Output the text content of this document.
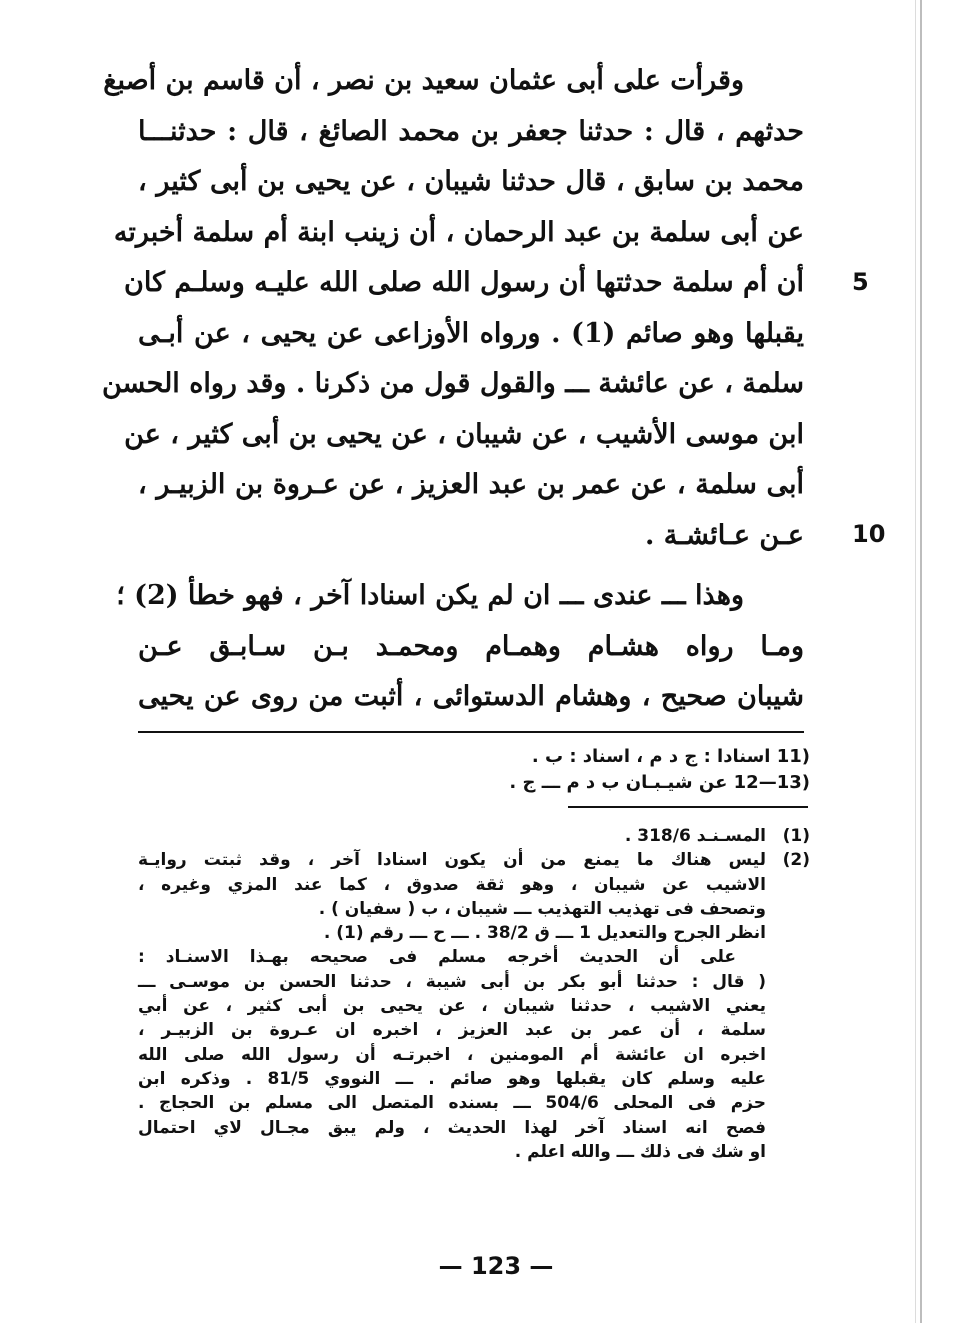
وقرأت على أبى عثمان سعيد بن نصر ، أن قاسم بن أصبغ
حدثهم ، قال : حدثنا جعفر بن محمد الصائغ ، قال : حدثنـــا
محمد بن سابق ، قال حدثنا شيبان ، عن يحيى بن أبى كثير ،
عن أبى سلمة بن عبد الرحمان ، أن زينب ابنة أم سلمة أخبرته
أن أم سلمة حدثتها أن رسول الله صلى الله عليـه وسلـم كان
يقبلها وهو صائم (1) . ورواه الأوزاعى عن يحيى ، عن أبـى
سلمة ، عن عائشة ـــ والقول قول من ذكرنا . وقد رواه الحسن
ابن موسى الأشيب ، عن شيبان ، عن يحيى بن أبى كثير ، عن
أبى سلمة ، عن عمر بن عبد العزيز ، عن عـروة بن الزبيـر ،
عـن عـائشـة .
وهذا ـــ عندى ـــ ان لم يكن اسنادا آخر ، فهو خطأ (2) ؛
ومـا رواه هشـام وهمـام ومحمـد بـن سـابـق عـن
شيبان صحيح ، وهشام الدستوائى ، أثبت من روى عن يحيى
5
10
(11 اسنادا : ج د م ، اسناد : ب .
(13—12 عن شيـبـان ب د م ـــ ج .
(1)
المسـنـد 318/6 .
(2)
ليس هناك ما يمنع من أن يكون اسنادا آخر ، وقد ثبتت روايـة
الاشيب عن شيبان ، وهو ثقة صدوق ، كما عند المزي وغيره ،
وتصحف فى تهذيب التهذيب ـــ شيبان ، ب ( سفيان ) .
انظر الجرح والتعديل 1 ـــ ق 38/2 . ـــ ح ـــ رقم (1) .
على أن الحديث أخرجه مسلم فى صحيحه بهـذا الاسنـاد :
( قال : حدثنا أبو بكر بن أبى شيبة ، حدثنا الحسن بن موسـى ـــ
يعني الاشيب ، حدثنا شيبان ، عن يحيى بن أبى كثير ، عن أبي
سلمة ، أن عمر بن عبد العزيز ، اخبره ان عـروة بن الزبيـر ،
اخبره ان عائشة أم المومنين ، اخبرتـه أن رسول الله صلى الله
عليه وسلم كان يقبلها وهو صائم . ـــ النووي 81/5 . وذكره ابن
حزم فى المحلى 504/6 ـــ بسنده المتصل الى مسلم بن الحجاج .
فصح انه اسناد آخر لهذا الحديث ، ولم يبق مجـال لاي احتمال
او شك فى ذلك ـــ والله اعلم .
— 123 —
